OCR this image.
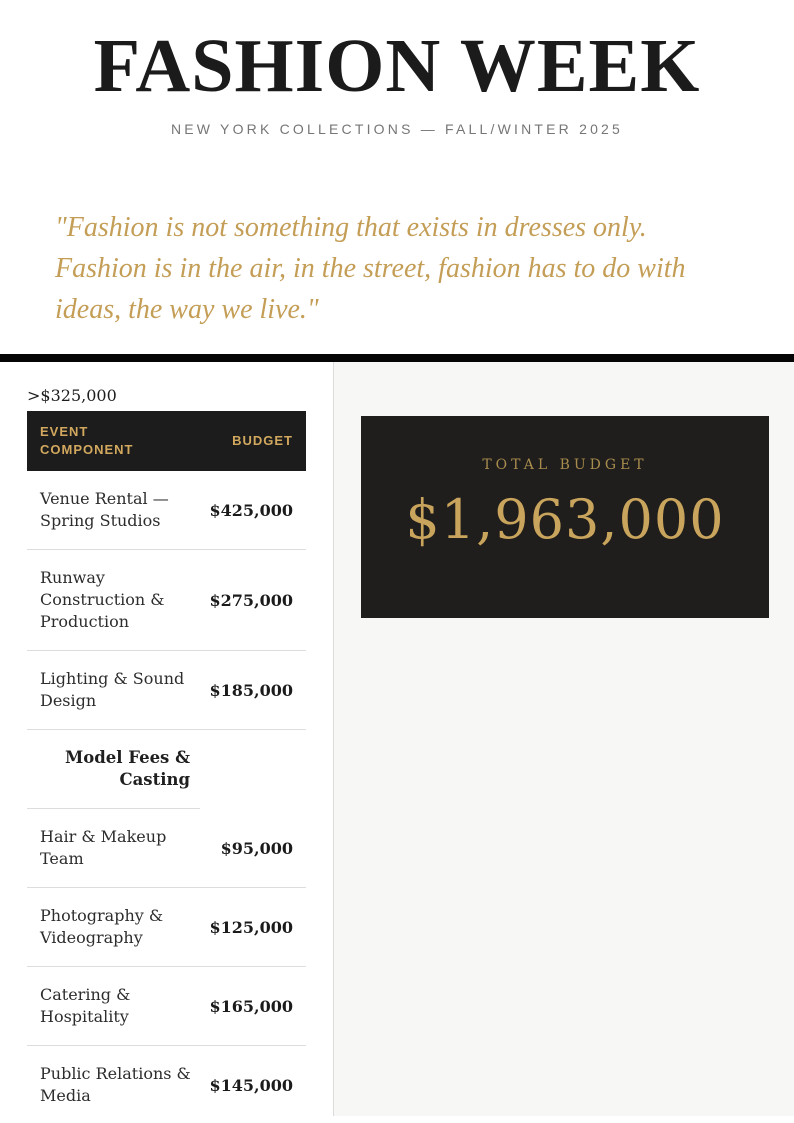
FASHION WEEK
NEW YORK COLLECTIONS — FALL/WINTER 2025
"Fashion is not something that exists in dresses only.
Fashion is in the air, in the street, fashion has to do with
ideas, the way we live."
>$325,000
EVENT COMPONENT
BUDGET
Venue Rental — Spring Studios
$425,000
Runway Construction & Production
$275,000
Lighting & Sound Design
$185,000
Model Fees & Casting
Hair & Makeup Team
$95,000
Photography & Videography
$125,000
Catering & Hospitality
$165,000
Public Relations & Media
$145,000
TOTAL BUDGET
$1,963,000
